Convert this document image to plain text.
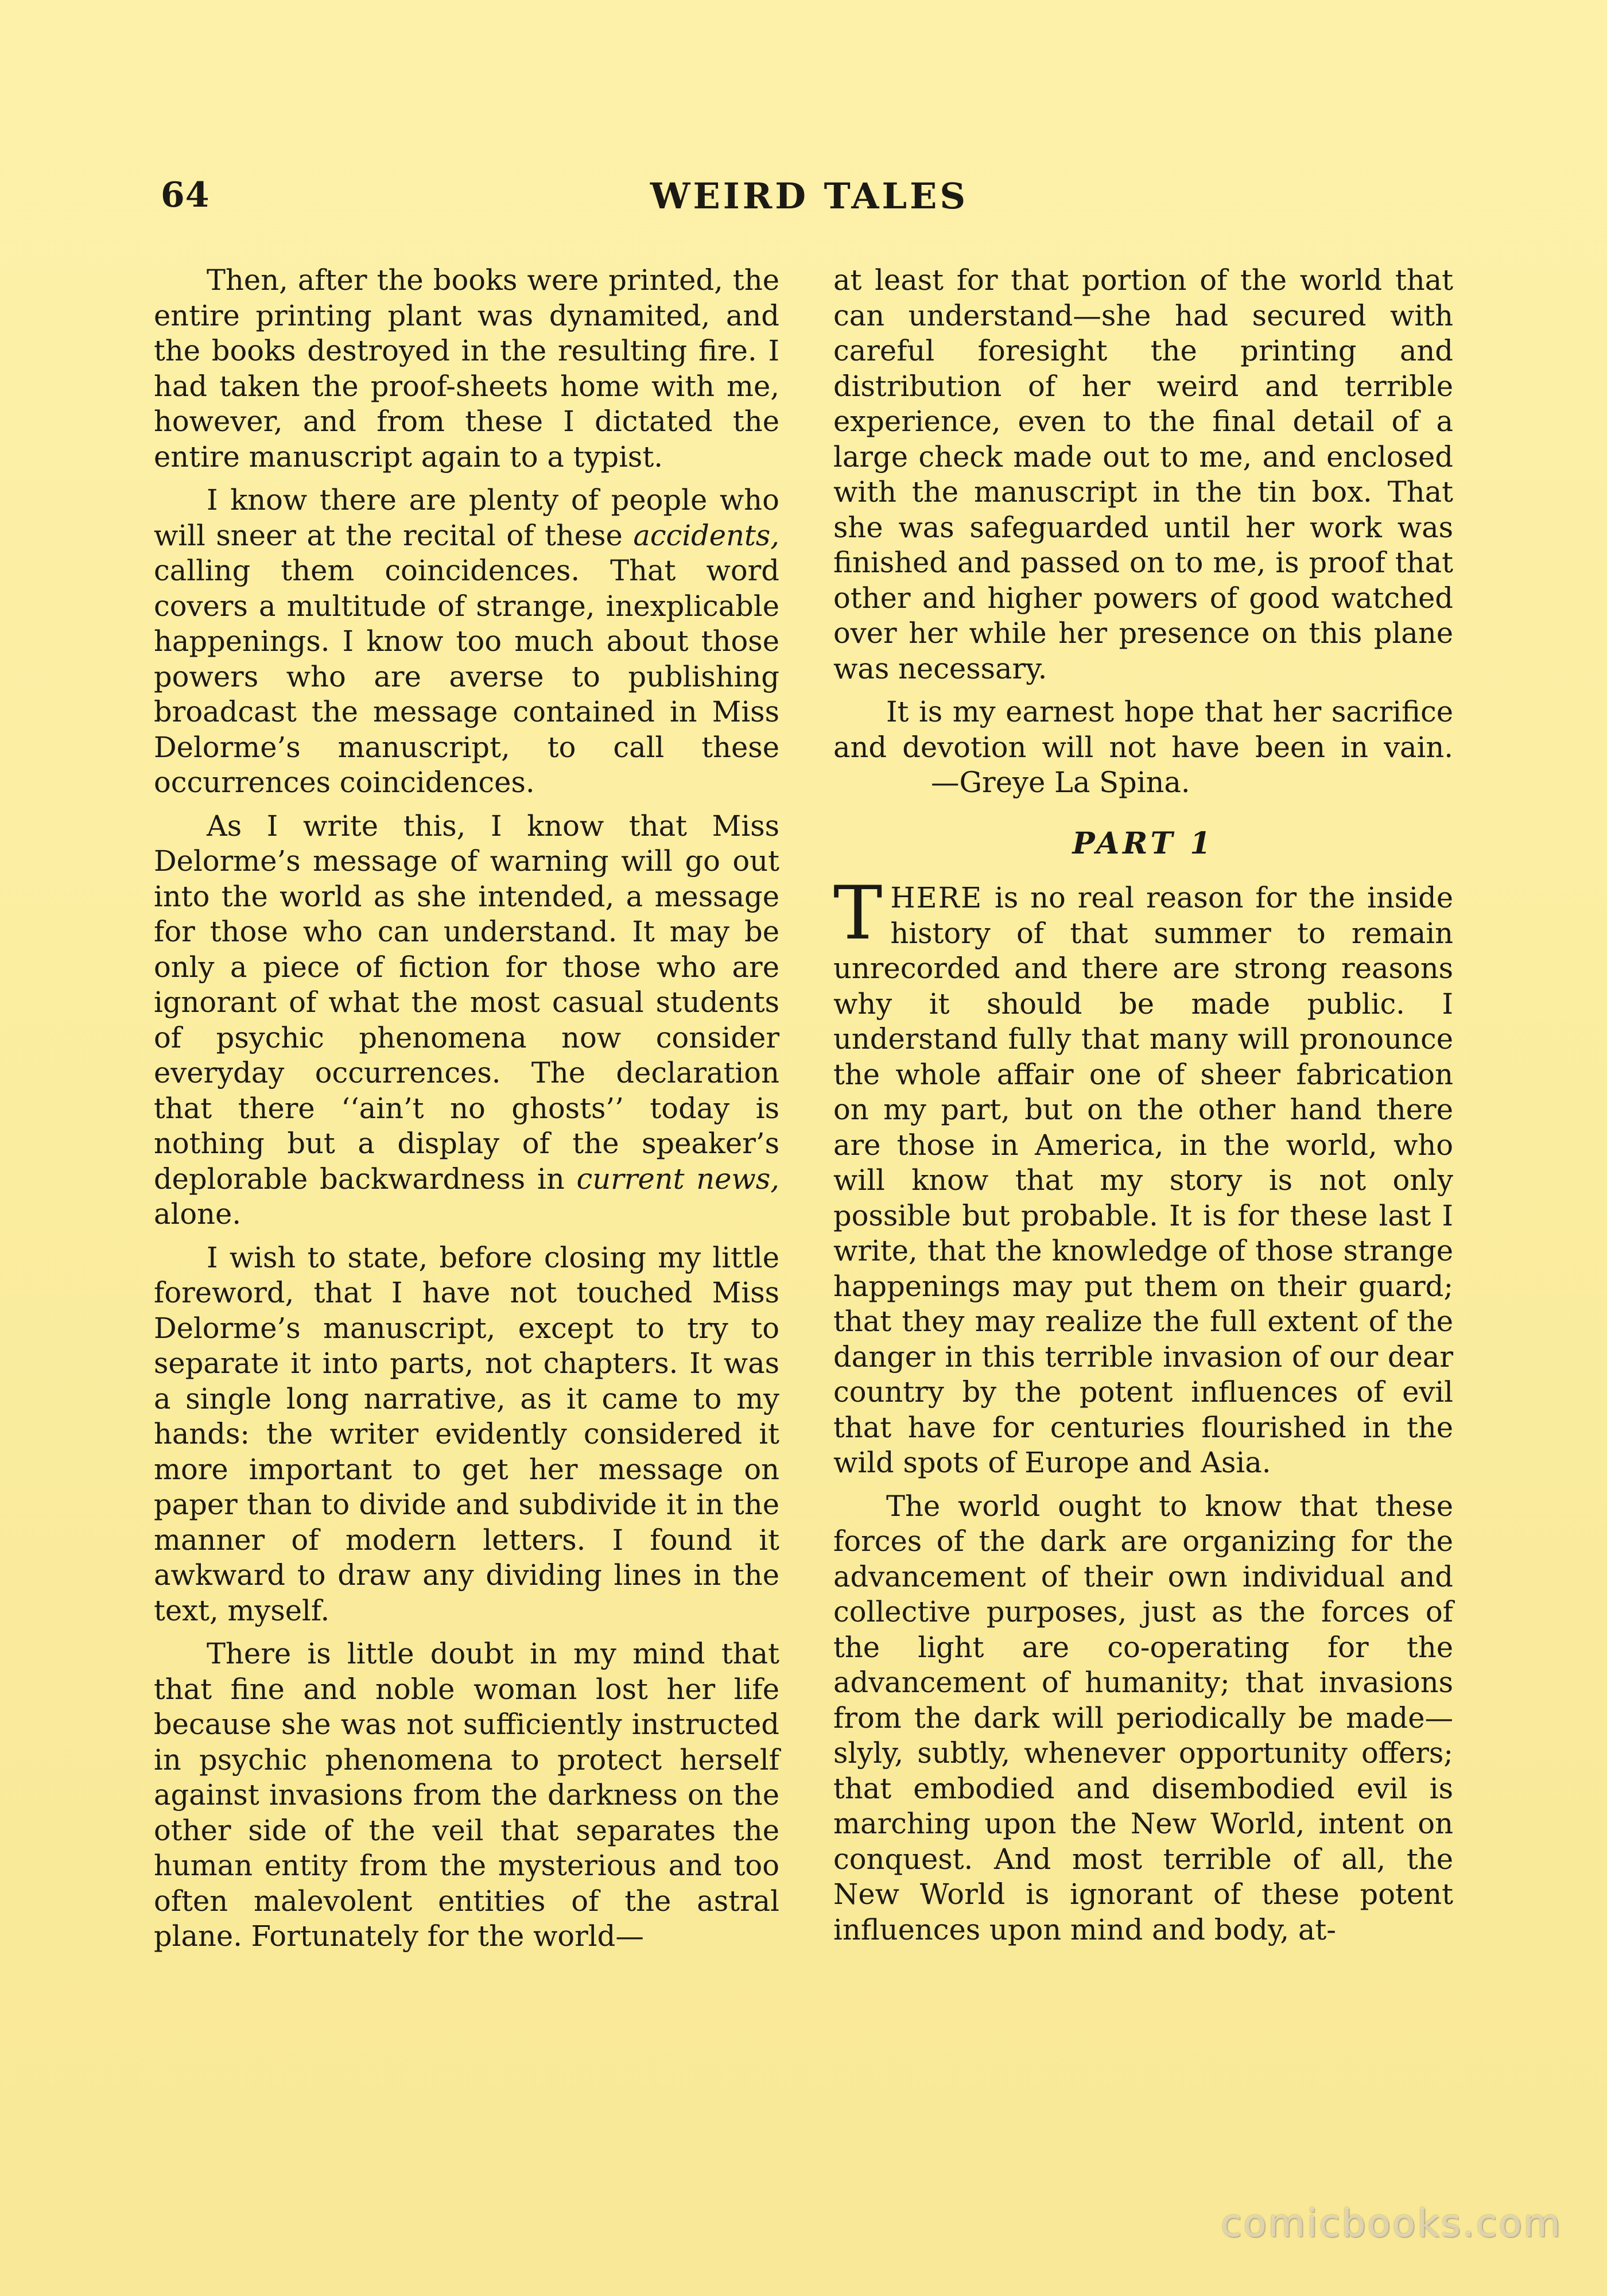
64	WEIRD TALES

Then, after the books were printed, the entire printing plant was dynamited, and the books destroyed in the resulting fire. I had taken the proof-sheets home with me, however, and from these I dictated the entire manuscript again to a typist.

I know there are plenty of people who will sneer at the recital of these accidents, calling them coincidences. That word covers a multitude of strange, inexplicable happenings. I know too much about those powers who are averse to publishing broadcast the message contained in Miss Delorme’s manuscript, to call these occurrences coincidences.

As I write this, I know that Miss Delorme’s message of warning will go out into the world as she intended, a message for those who can understand. It may be only a piece of fiction for those who are ignorant of what the most casual students of psychic phenomena now consider everyday occurrences. The declaration that there ‘‘ain’t no ghosts’’ today is nothing but a display of the speaker’s deplorable backwardness in current news, alone.

I wish to state, before closing my little foreword, that I have not touched Miss Delorme’s manuscript, except to try to separate it into parts, not chapters. It was a single long narrative, as it came to my hands: the writer evidently considered it more important to get her message on paper than to divide and subdivide it in the manner of modern letters. I found it awkward to draw any dividing lines in the text, myself.

There is little doubt in my mind that that fine and noble woman lost her life because she was not sufficiently instructed in psychic phenomena to protect herself against invasions from the darkness on the other side of the veil that separates the human entity from the mysterious and too often malevolent entities of the astral plane. Fortunately for the world—

at least for that portion of the world that can understand—she had secured with careful foresight the printing and distribution of her weird and terrible experience, even to the final detail of a large check made out to me, and enclosed with the manuscript in the tin box. That she was safeguarded until her work was finished and passed on to me, is proof that other and higher powers of good watched over her while her presence on this plane was necessary.

It is my earnest hope that her sacrifice and devotion will not have been in vain. —Greye La Spina.

PART 1

THERE is no real reason for the inside history of that summer to remain unrecorded and there are strong reasons why it should be made public. I understand fully that many will pronounce the whole affair one of sheer fabrication on my part, but on the other hand there are those in America, in the world, who will know that my story is not only possible but probable. It is for these last I write, that the knowledge of those strange happenings may put them on their guard; that they may realize the full extent of the danger in this terrible invasion of our dear country by the potent influences of evil that have for centuries flourished in the wild spots of Europe and Asia.

The world ought to know that these forces of the dark are organizing for the advancement of their own individual and collective purposes, just as the forces of the light are co-operating for the advancement of humanity; that invasions from the dark will periodically be made—slyly, subtly, whenever opportunity offers; that embodied and disembodied evil is marching upon the New World, intent on conquest. And most terrible of all, the New World is ignorant of these potent influences upon mind and body, at-

comicbooks.com
